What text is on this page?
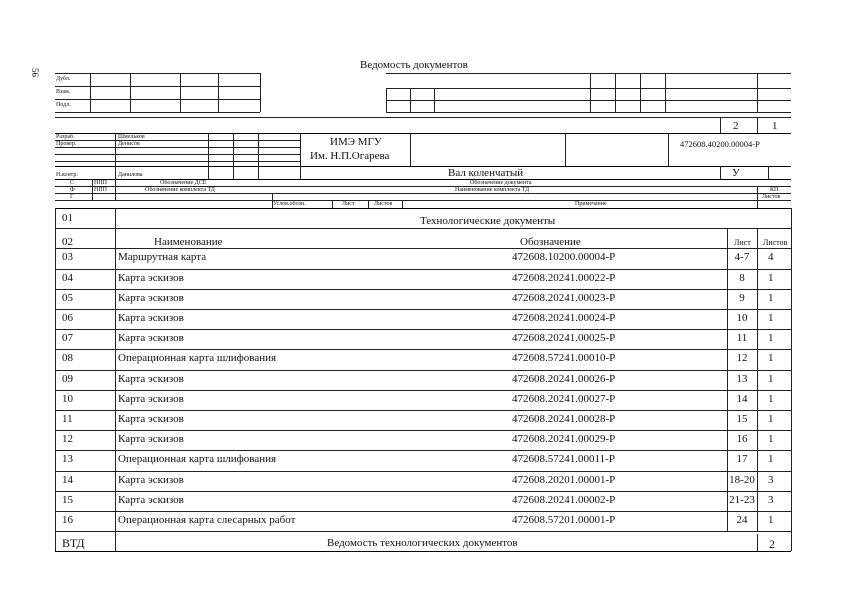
56
Ведомость документов
Дубл.
Взам.
Подл.
2	1
Разраб.	Шмельков
Провер.	Денисов
Н.контр.	Данилова
ИМЭ МГУ
Им. Н.П.Огарева
472608.40200.00004-Р
Вал коленчатый	У
С	НПП	Обозначение ДСЕ
Ф	НПП	Обозначение комплекта ТД
Обозначение документа
Наименование комплекта ТД	КП
Листов
Г
Услов.обозн.	Лист	Листов	Примечание
01	Технологические документы
02	Наименование	Обозначение	Лист Листов
03	Маршрутная карта	472608.10200.00004-Р	4-7	4
04	Карта эскизов	472608.20241.00022-Р	8	1
05	Карта эскизов	472608.20241.00023-Р	9	1
06	Карта эскизов	472608.20241.00024-Р	10	1
07	Карта эскизов	472608.20241.00025-Р	11	1
08	Операционная карта шлифования	472608.57241.00010-Р	12	1
09	Карта эскизов	472608.20241.00026-Р	13	1
10	Карта эскизов	472608.20241.00027-Р	14	1
11	Карта эскизов	472608.20241.00028-Р	15	1
12	Карта эскизов	472608.20241.00029-Р	16	1
13	Операционная карта шлифования	472608.57241.00011-Р	17	1
14	Карта эскизов	472608.20201.00001-Р	18-20 3
15	Карта эскизов	472608.20241.00002-Р	21-23 3
16	Операционная карта слесарных работ	472608.57201.00001-Р	24	1
ВТД	Ведомость технологических документов	2
